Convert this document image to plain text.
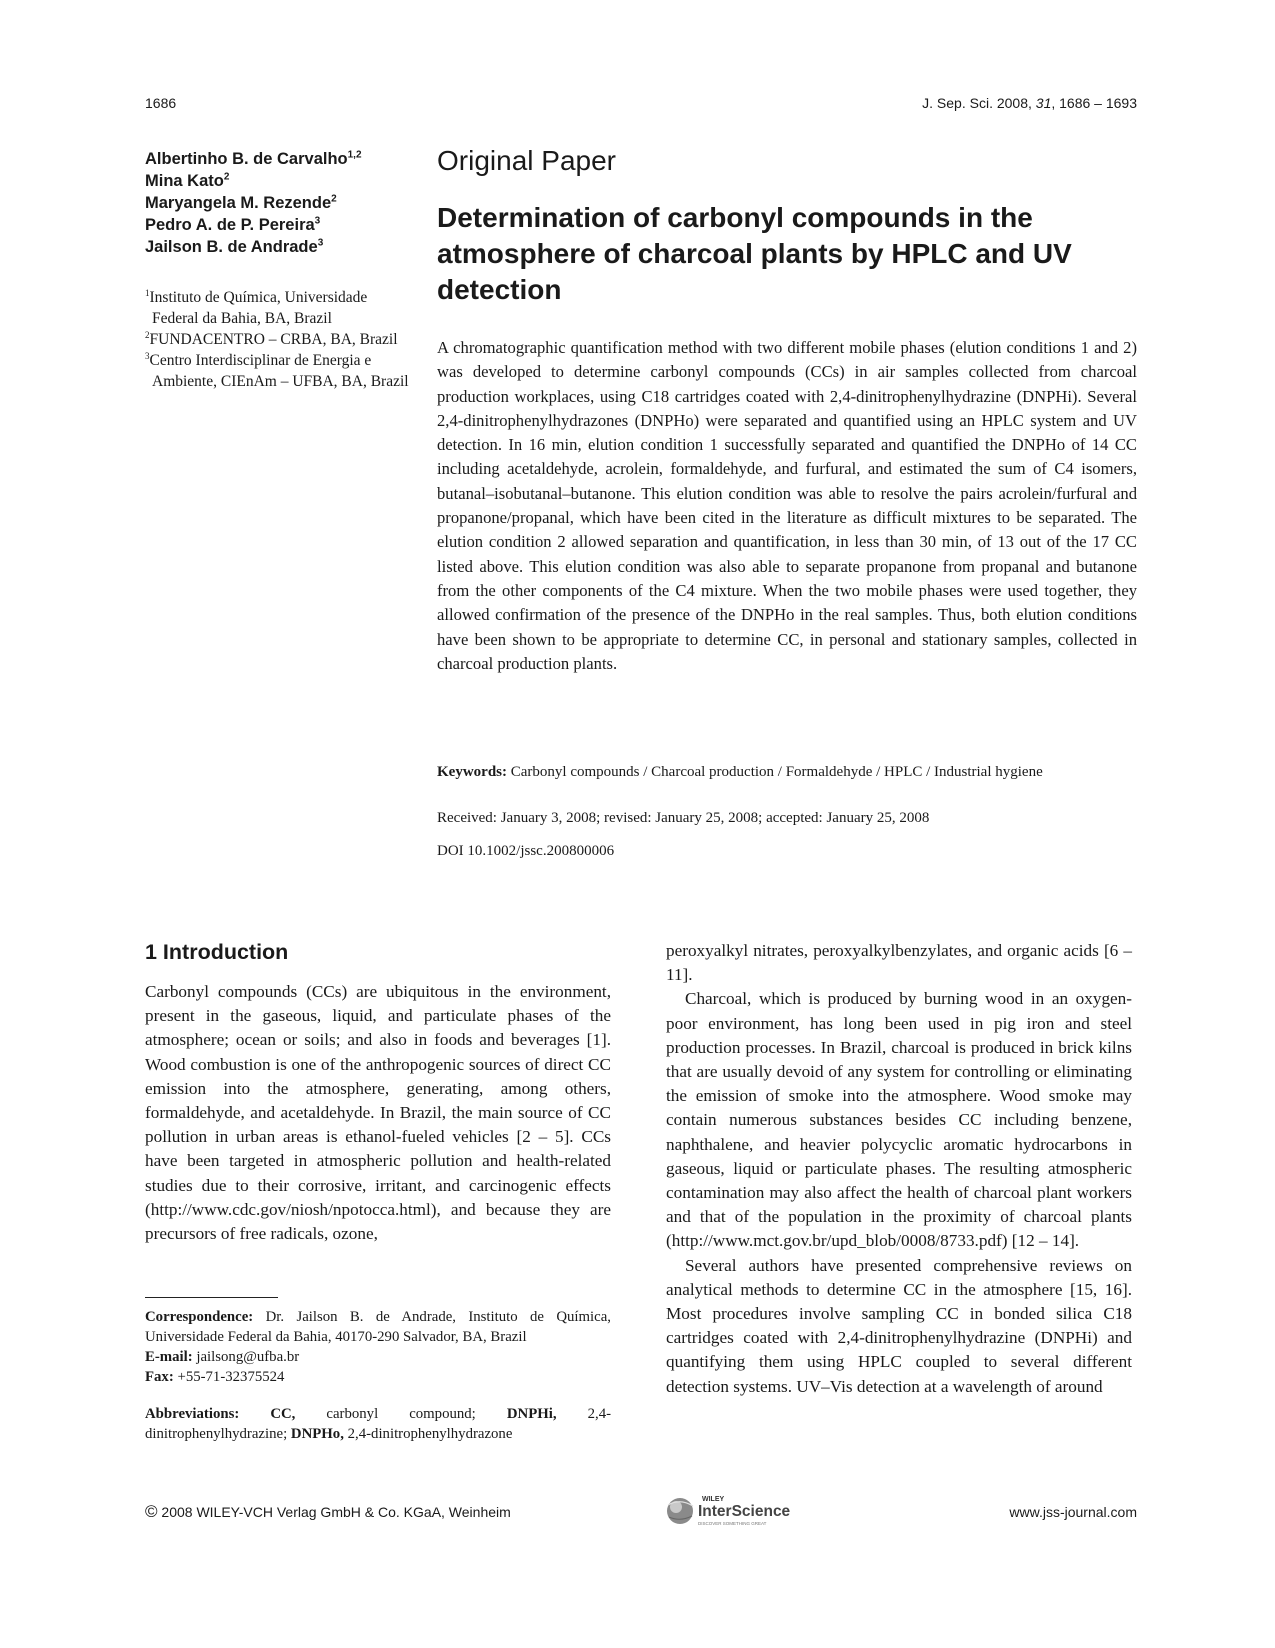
1686	J. Sep. Sci. 2008, 31, 1686 – 1693
Albertinho B. de Carvalho$^{1,2}$
Mina Kato$^2$
Maryangela M. Rezende$^2$
Pedro A. de P. Pereira$^3$
Jailson B. de Andrade$^3$
$^1$Instituto de Química, Universidade Federal da Bahia, BA, Brazil
$^2$FUNDACENTRO – CRBA, BA, Brazil
$^3$Centro Interdisciplinar de Energia e Ambiente, CIEnAm – UFBA, BA, Brazil
Original Paper
Determination of carbonyl compounds in the atmosphere of charcoal plants by HPLC and UV detection

A chromatographic quantification method with two different mobile phases (elution conditions 1 and 2) was developed to determine carbonyl compounds (CCs) in air samples collected from charcoal production workplaces, using C18 cartridges coated with 2,4-dinitrophenylhydrazine (DNPHi). Several 2,4-dinitrophenylhydrazones (DNPHo) were separated and quantified using an HPLC system and UV detection. In 16 min, elution condition 1 successfully separated and quantified the DNPHo of 14 CC including acetaldehyde, acrolein, formaldehyde, and furfural, and estimated the sum of C4 isomers, butanal–isobutanal–butanone. This elution condition was able to resolve the pairs acrolein/furfural and propanone/propanal, which have been cited in the literature as difficult mixtures to be separated. The elution condition 2 allowed separation and quantification, in less than 30 min, of 13 out of the 17 CC listed above. This elution condition was also able to separate propanone from propanal and butanone from the other components of the C4 mixture. When the two mobile phases were used together, they allowed confirmation of the presence of the DNPHo in the real samples. Thus, both elution conditions have been shown to be appropriate to determine CC, in personal and stationary samples, collected in charcoal production plants.

Keywords: Carbonyl compounds / Charcoal production / Formaldehyde / HPLC / Industrial hygiene
Received: January 3, 2008; revised: January 25, 2008; accepted: January 25, 2008
DOI 10.1002/jssc.200800006
1 Introduction

Carbonyl compounds (CCs) are ubiquitous in the environment, present in the gaseous, liquid, and particulate phases of the atmosphere; ocean or soils; and also in foods and beverages [1]. Wood combustion is one of the anthropogenic sources of direct CC emission into the atmosphere, generating, among others, formaldehyde, and acetaldehyde. In Brazil, the main source of CC pollution in urban areas is ethanol-fueled vehicles [2 – 5]. CCs have been targeted in atmospheric pollution and health-related studies due to their corrosive, irritant, and carcinogenic effects (http://www.cdc.gov/niosh/npotocca.html), and because they are precursors of free radicals, ozone,

peroxyalkyl nitrates, peroxyalkylbenzylates, and organic acids [6 – 11].

Charcoal, which is produced by burning wood in an oxygen-poor environment, has long been used in pig iron and steel production processes. In Brazil, charcoal is produced in brick kilns that are usually devoid of any system for controlling or eliminating the emission of smoke into the atmosphere. Wood smoke may contain numerous substances besides CC including benzene, naphthalene, and heavier polycyclic aromatic hydrocarbons in gaseous, liquid or particulate phases. The resulting atmospheric contamination may also affect the health of charcoal plant workers and that of the population in the proximity of charcoal plants (http://www.mct.gov.br/upd_blob/0008/8733.pdf) [12 – 14].

Several authors have presented comprehensive reviews on analytical methods to determine CC in the atmosphere [15, 16]. Most procedures involve sampling CC in bonded silica C18 cartridges coated with 2,4-dinitrophenylhydrazine (DNPHi) and quantifying them using HPLC coupled to several different detection systems. UV–Vis detection at a wavelength of around

Correspondence: Dr. Jailson B. de Andrade, Instituto de Química, Universidade Federal da Bahia, 40170-290 Salvador, BA, Brazil

E-mail: jailsong@ufba.br

Fax: +55-71-32375524

Abbreviations: CC, carbonyl compound; DNPHi, 2,4-dinitrophenylhydrazine; DNPHo, 2,4-dinitrophenylhydrazone

© 2008 WILEY-VCH Verlag GmbH & Co. KGaA, Weinheim
WILEY
InterScience
DISCOVER SOMETHING GREAT
www.jss-journal.com
